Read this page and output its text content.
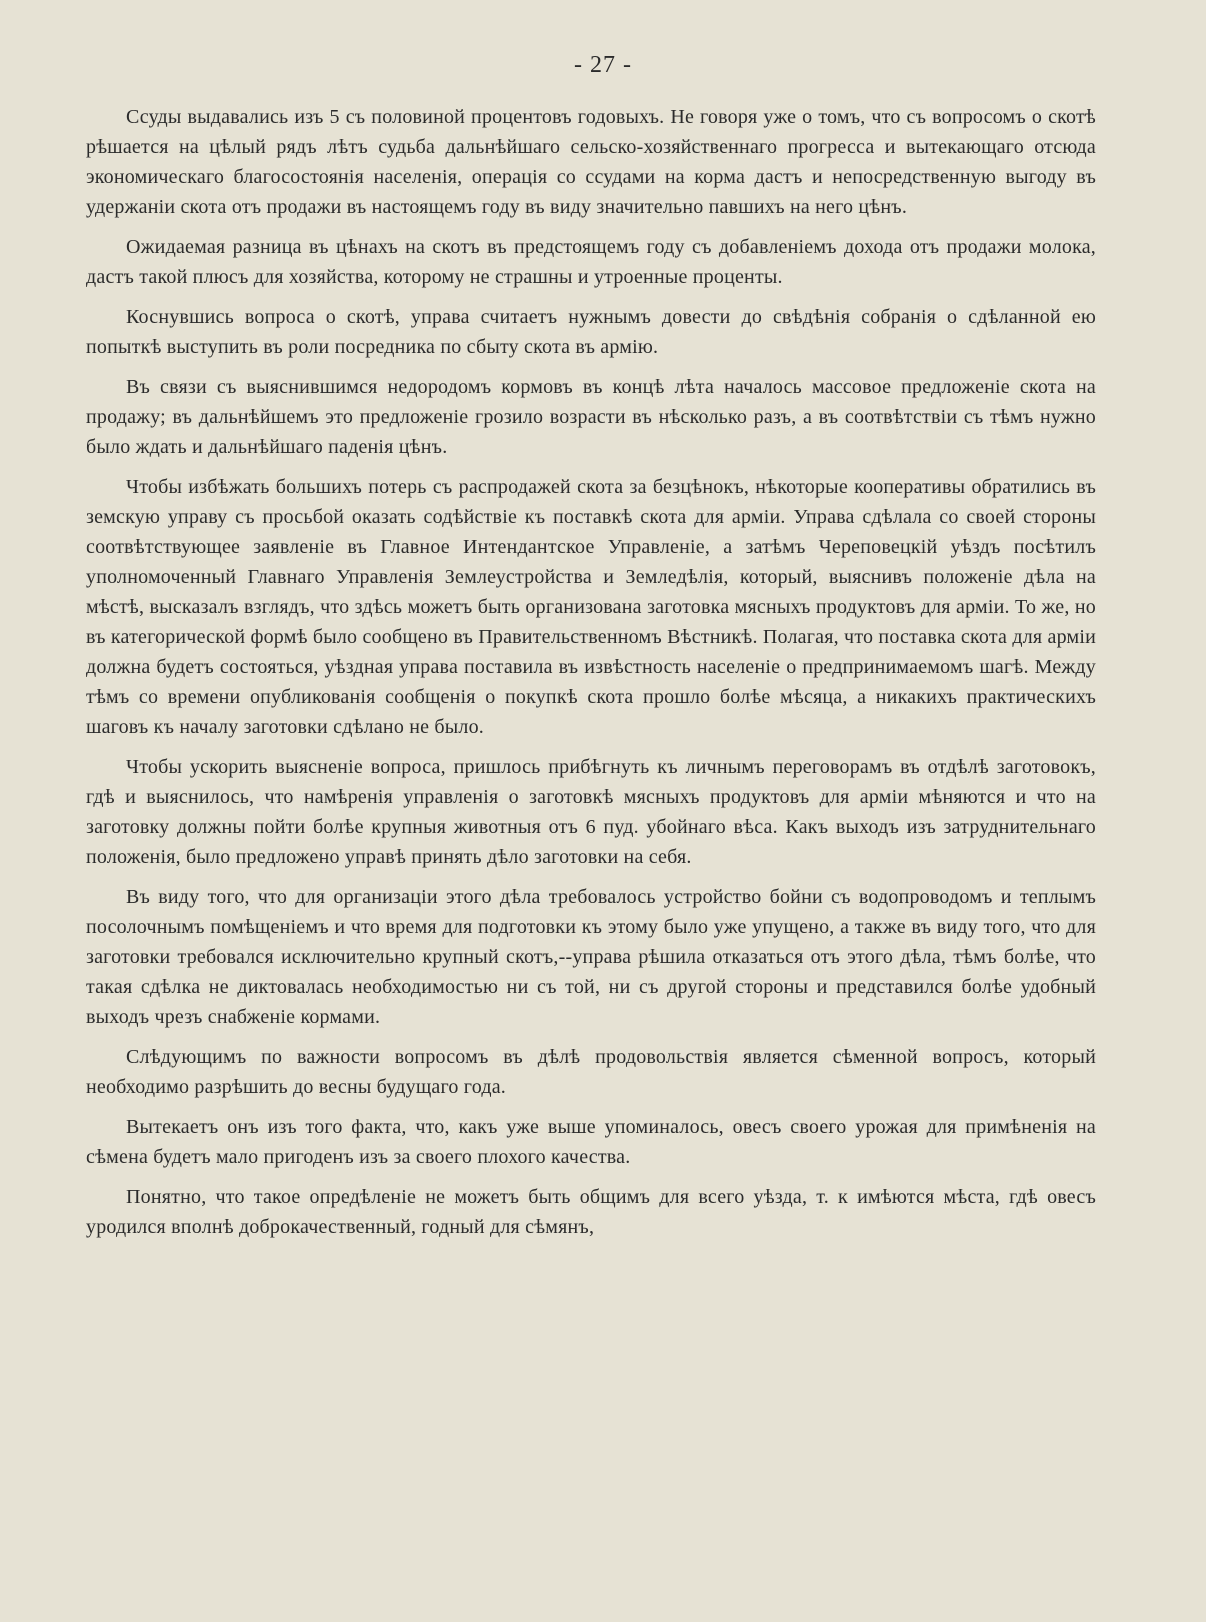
- 27 -

Ссуды выдавались изъ 5 съ половиной процентовъ годовыхъ. Не говоря уже о томъ, что съ вопросомъ о скотѣ рѣшается на цѣлый рядъ лѣтъ судьба дальнѣйшаго сельско-хозяйственнаго прогресса и вытекающаго отсюда экономическаго благосостоянія населенія, операція со ссудами на корма дастъ и непосредственную выгоду въ удержаніи скота отъ продажи въ настоящемъ году въ виду значительно павшихъ на него цѣнъ.

Ожидаемая разница въ цѣнахъ на скотъ въ предстоящемъ году съ добавленіемъ дохода отъ продажи молока, дастъ такой плюсъ для хозяйства, которому не страшны и утроенные проценты.

Коснувшись вопроса о скотѣ, управа считаетъ нужнымъ довести до свѣдѣнія собранія о сдѣланной ею попыткѣ выступить въ роли посредника по сбыту скота въ армію.

Въ связи съ выяснившимся недородомъ кормовъ въ концѣ лѣта началось массовое предложеніе скота на продажу; въ дальнѣйшемъ это предложеніе грозило возрасти въ нѣсколько разъ, а въ соотвѣтствіи съ тѣмъ нужно было ждать и дальнѣйшаго паденія цѣнъ.

Чтобы избѣжать большихъ потерь съ распродажей скота за безцѣнокъ, нѣкоторые кооперативы обратились въ земскую управу съ просьбой оказать содѣйствіе къ поставкѣ скота для арміи. Управа сдѣлала со своей стороны соотвѣтствующее заявленіе въ Главное Интендантское Управленіе, а затѣмъ Череповецкій уѣздъ посѣтилъ уполномоченный Главнаго Управленія Землеустройства и Земледѣлія, который, выяснивъ положеніе дѣла на мѣстѣ, высказалъ взглядъ, что здѣсь можетъ быть организована заготовка мясныхъ продуктовъ для арміи. То же, но въ категорической формѣ было сообщено въ Правительственномъ Вѣстникѣ. Полагая, что поставка скота для арміи должна будетъ состояться, уѣздная управа поставила въ извѣстность населеніе о предпринимаемомъ шагѣ. Между тѣмъ со времени опубликованія сообщенія о покупкѣ скота прошло болѣе мѣсяца, а никакихъ практическихъ шаговъ къ началу заготовки сдѣлано не было.

Чтобы ускорить выясненіе вопроса, пришлось прибѣгнуть къ личнымъ переговорамъ въ отдѣлѣ заготовокъ, гдѣ и выяснилось, что намѣренія управленія о заготовкѣ мясныхъ продуктовъ для арміи мѣняются и что на заготовку должны пойти болѣе крупныя животныя отъ 6 пуд. убойнаго вѣса. Какъ выходъ изъ затруднительнаго положенія, было предложено управѣ принять дѣло заготовки на себя.

Въ виду того, что для организаціи этого дѣла требовалось устройство бойни съ водопроводомъ и теплымъ посолочнымъ помѣщеніемъ и что время для подготовки къ этому было уже упущено, а также въ виду того, что для заготовки требовался исключительно крупный скотъ,--управа рѣшила отказаться отъ этого дѣла, тѣмъ болѣе, что такая сдѣлка не диктовалась необходимостью ни съ той, ни съ другой стороны и представился болѣе удобный выходъ чрезъ снабженіе кормами.

Слѣдующимъ по важности вопросомъ въ дѣлѣ продовольствія является сѣменной вопросъ, который необходимо разрѣшить до весны будущаго года.

Вытекаетъ онъ изъ того факта, что, какъ уже выше упоминалось, овесъ своего урожая для примѣненія на сѣмена будетъ мало пригоденъ изъ за своего плохого качества.

Понятно, что такое опредѣленіе не можетъ быть общимъ для всего уѣзда, т. к имѣются мѣста, гдѣ овесъ уродился вполнѣ доброкачественный, годный для сѣмянъ,
